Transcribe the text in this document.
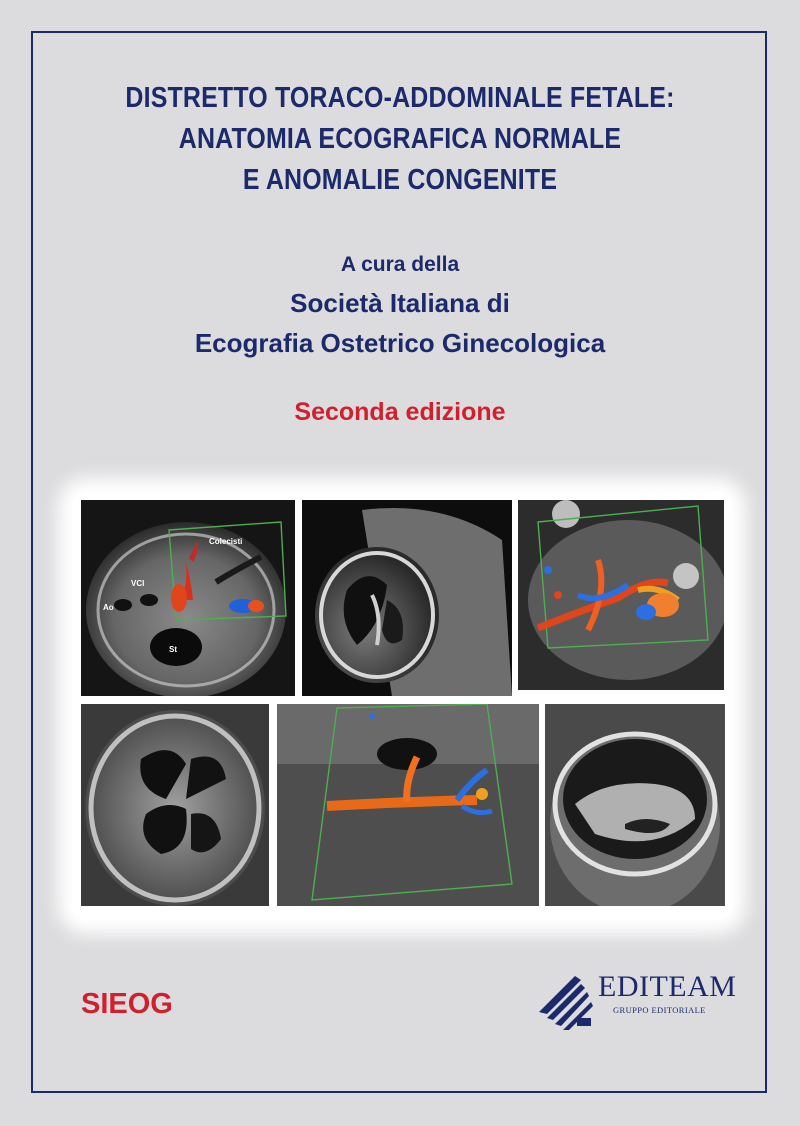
DISTRETTO TORACO-ADDOMINALE FETALE:
ANATOMIA ECOGRAFICA NORMALE
E ANOMALIE CONGENITE
A cura della
Società Italiana di
Ecografia Ostetrico Ginecologica
Seconda edizione
Colecisti
VCI
Ao
St
SIEOG
EDITEAM
GRUPPO EDITORIALE
